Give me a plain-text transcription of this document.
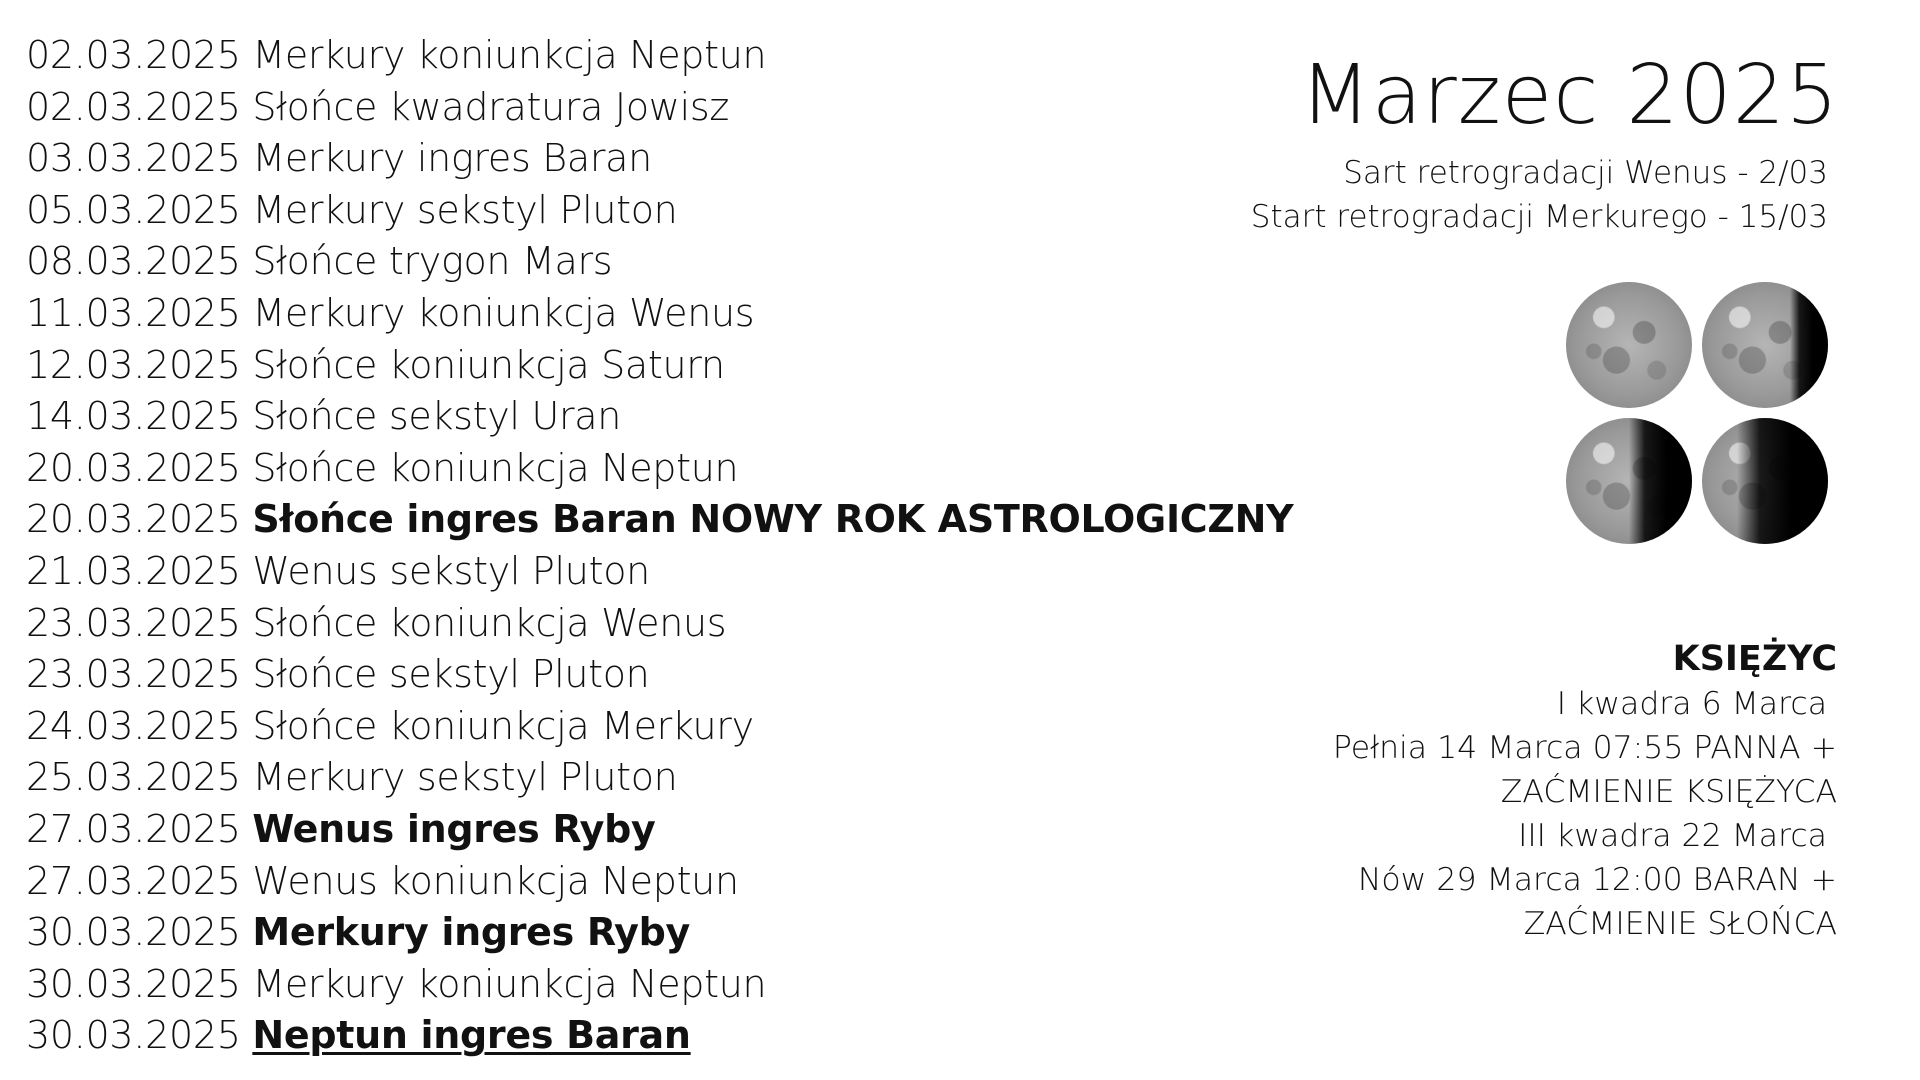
02.03.2025 Merkury koniunkcja Neptun
02.03.2025 Słońce kwadratura Jowisz
03.03.2025 Merkury ingres Baran
05.03.2025 Merkury sekstyl Pluton
08.03.2025 Słońce trygon Mars
11.03.2025 Merkury koniunkcja Wenus
12.03.2025 Słońce koniunkcja Saturn
14.03.2025 Słońce sekstyl Uran
20.03.2025 Słońce koniunkcja Neptun
20.03.2025 Słońce ingres Baran NOWY ROK ASTROLOGICZNY
21.03.2025 Wenus sekstyl Pluton
23.03.2025 Słońce koniunkcja Wenus
23.03.2025 Słońce sekstyl Pluton
24.03.2025 Słońce koniunkcja Merkury
25.03.2025 Merkury sekstyl Pluton
27.03.2025 Wenus ingres Ryby
27.03.2025 Wenus koniunkcja Neptun
30.03.2025 Merkury ingres Ryby
30.03.2025 Merkury koniunkcja Neptun
30.03.2025 Neptun ingres Baran
Marzec 2025
Sart retrogradacji Wenus - 2/03
Start retrogradacji Merkurego - 15/03
KSIĘŻYC
I kwadra 6 Marca
Pełnia 14 Marca 07:55 PANNA +
ZAĆMIENIE KSIĘŻYCA
III kwadra 22 Marca
Nów 29 Marca 12:00 BARAN +
ZAĆMIENIE SŁOŃCA
